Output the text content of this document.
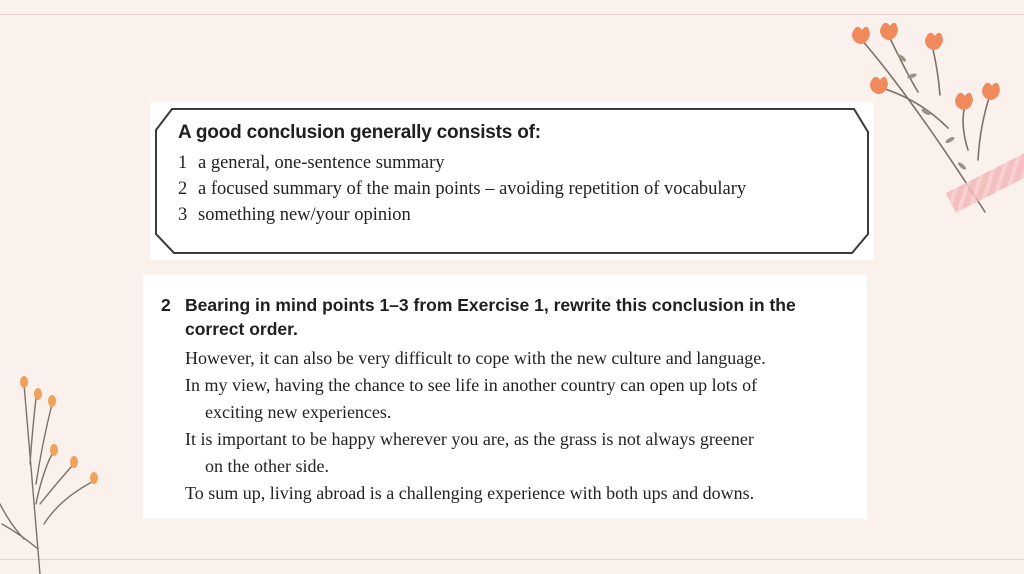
A good conclusion generally consists of:
1 a general, one-sentence summary
2 a focused summary of the main points – avoiding repetition of vocabulary
3 something new/your opinion
2 Bearing in mind points 1–3 from Exercise 1, rewrite this conclusion in the correct order.
However, it can also be very difficult to cope with the new culture and language.
In my view, having the chance to see life in another country can open up lots of
exciting new experiences.
It is important to be happy wherever you are, as the grass is not always greener
on the other side.
To sum up, living abroad is a challenging experience with both ups and downs.
